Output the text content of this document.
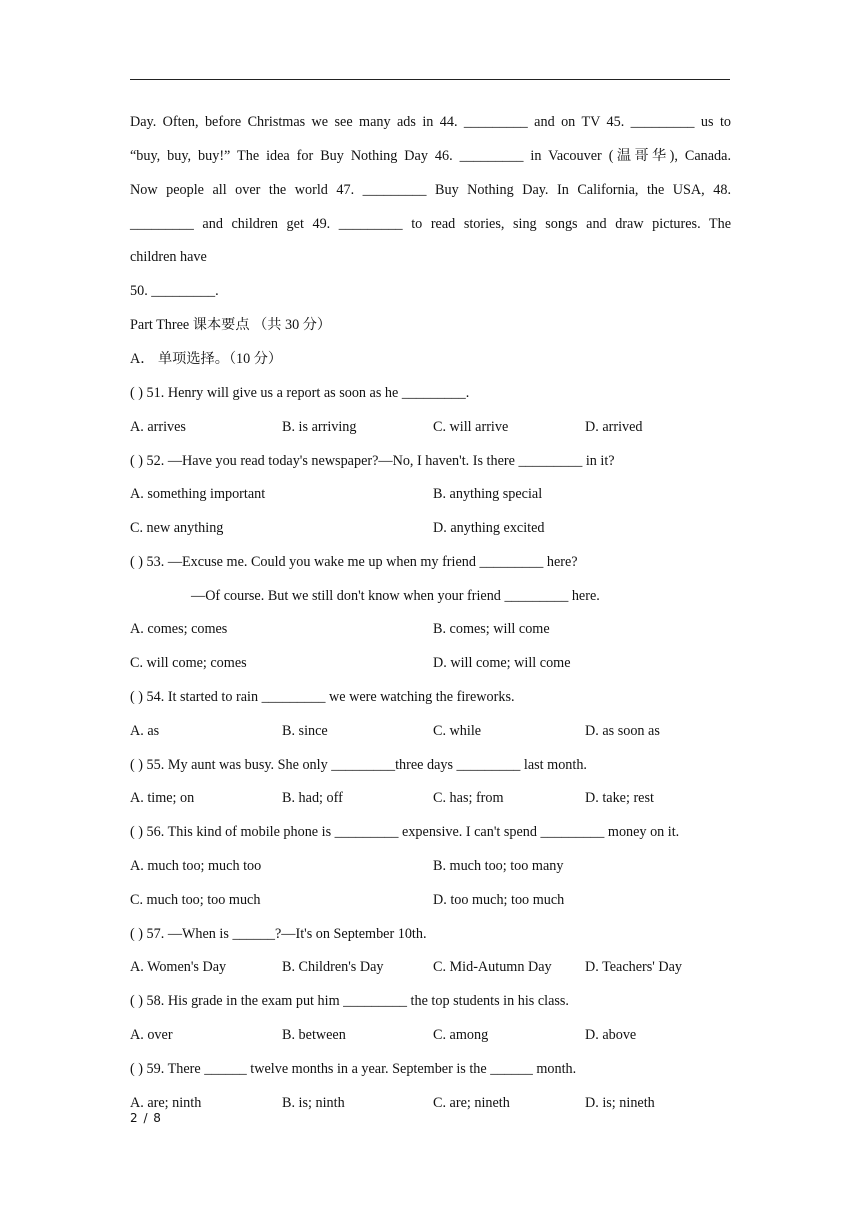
Day. Often, before Christmas we see many ads in 44. _________ and on TV 45. _________ us to
“buy, buy, buy!” The idea for Buy Nothing Day 46. _________ in Vacouver (温哥华), Canada.
Now people all over the world 47. _________ Buy Nothing Day. In California, the USA, 48.
_________ and children get 49. _________ to read stories, sing songs and draw pictures. The
children have
50. _________.
Part Three 课本要点 （共 30 分）
A． 单项选择。（10 分）
( ) 51. Henry will give us a report as soon as he _________.
A. arrives	B. is arriving	C. will arrive	D. arrived
( ) 52. —Have you read today's newspaper?—No, I haven't. Is there _________ in it?
A. something important	B. anything special
C. new anything	D. anything excited
( ) 53. —Excuse me. Could you wake me up when my friend _________ here?
—Of course. But we still don't know when your friend _________ here.
A. comes; comes	B. comes; will come
C. will come; comes	D. will come; will come
( ) 54. It started to rain _________ we were watching the fireworks.
A. as	B. since	C. while	D. as soon as
( ) 55. My aunt was busy. She only _________three days _________ last month.
A. time; on	B. had; off	C. has; from	D. take; rest
( ) 56. This kind of mobile phone is _________ expensive. I can't spend _________ money on it.
A. much too; much too	B. much too; too many
C. much too; too much	D. too much; too much
( ) 57. —When is ______?—It's on September 10th.
A. Women's Day	B. Children's Day	C. Mid-Autumn Day D. Teachers' Day
( ) 58. His grade in the exam put him _________ the top students in his class.
A. over	B. between	C. among	D. above
( ) 59. There ______ twelve months in a year. September is the ______ month.
A. are; ninth	B. is; ninth	C. are; nineth	D. is; nineth
2 / 8
